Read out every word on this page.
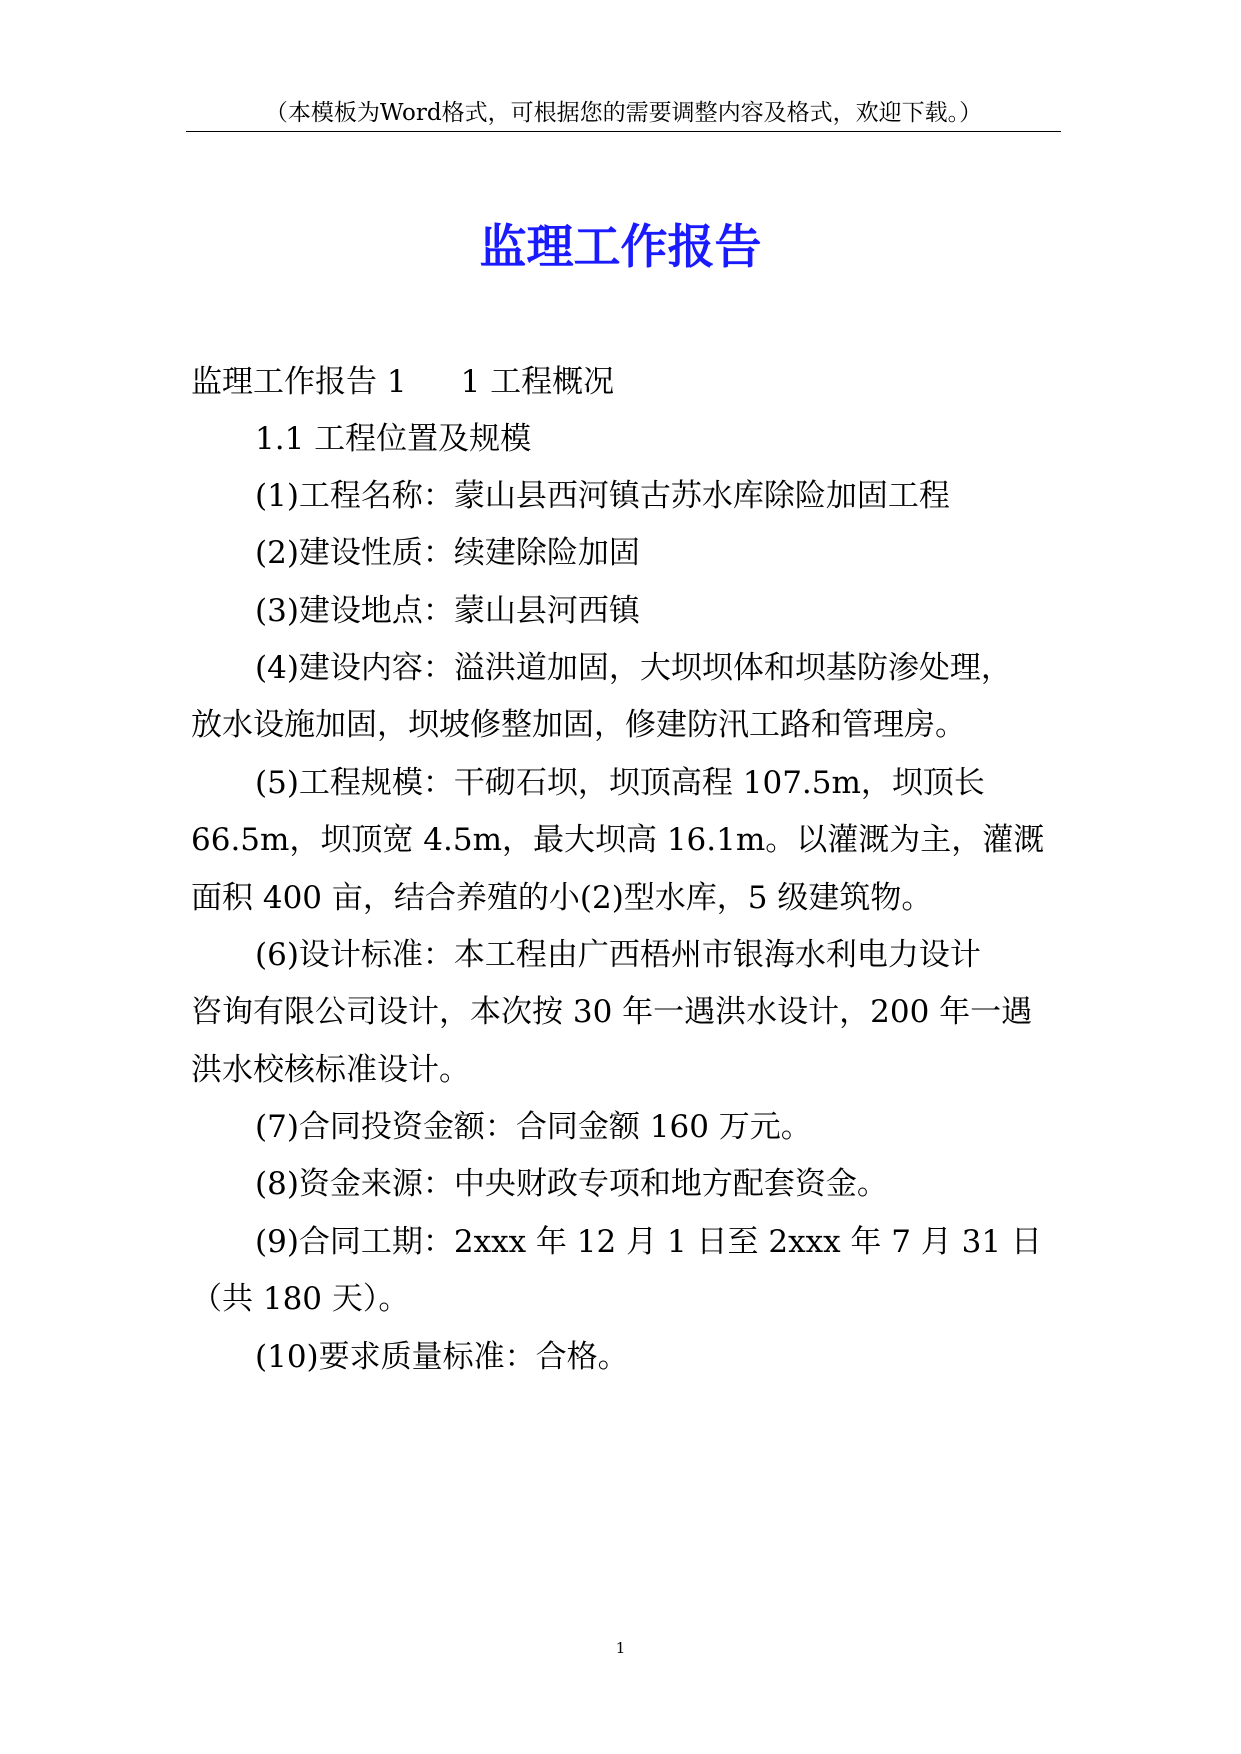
（本模板为Word格式，可根据您的需要调整内容及格式，欢迎下载。）
监理工作报告
监理工作报告 1 1 工程概况
1.1 工程位置及规模
(1)工程名称：蒙山县西河镇古苏水库除险加固工程
(2)建设性质：续建除险加固
(3)建设地点：蒙山县河西镇
(4)建设内容：溢洪道加固，大坝坝体和坝基防渗处理，
放水设施加固，坝坡修整加固，修建防汛工路和管理房。
(5)工程规模：干砌石坝，坝顶高程 107.5m，坝顶长
66.5m，坝顶宽 4.5m，最大坝高 16.1m。以灌溉为主，灌溉
面积 400 亩，结合养殖的小(2)型水库，5 级建筑物。
(6)设计标准：本工程由广西梧州市银海水利电力设计
咨询有限公司设计，本次按 30 年一遇洪水设计，200 年一遇
洪水校核标准设计。
(7)合同投资金额：合同金额 160 万元。
(8)资金来源：中央财政专项和地方配套资金。
(9)合同工期：2xxx 年 12 月 1 日至 2xxx 年 7 月 31 日
（共 180 天）。
(10)要求质量标准：合格。
1
